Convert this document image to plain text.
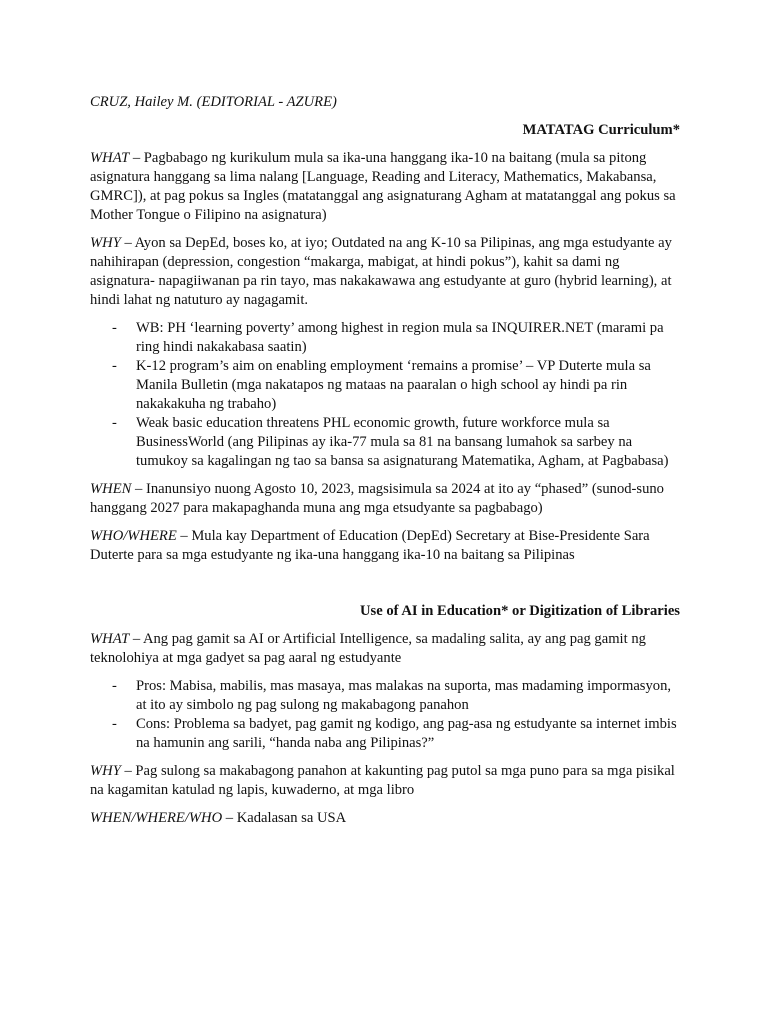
CRUZ, Hailey M. (EDITORIAL - AZURE)

MATATAG Curriculum*

WHAT – Pagbabago ng kurikulum mula sa ika-una hanggang ika-10 na baitang (mula sa pitong asignatura hanggang sa lima nalang [Language, Reading and Literacy, Mathematics, Makabansa, GMRC]), at pag pokus sa Ingles (matatanggal ang asignaturang Agham at matatanggal ang pokus sa Mother Tongue o Filipino na asignatura)

WHY – Ayon sa DepEd, boses ko, at iyo; Outdated na ang K-10 sa Pilipinas, ang mga estudyante ay nahihirapan (depression, congestion “makarga, mabigat, at hindi pokus”), kahit sa dami ng asignatura- napagiiwanan pa rin tayo, mas nakakawawa ang estudyante at guro (hybrid learning), at hindi lahat ng natuturo ay nagagamit.

- WB: PH ‘learning poverty’ among highest in region mula sa INQUIRER.NET (marami pa ring hindi nakakabasa saatin)
- K-12 program’s aim on enabling employment ‘remains a promise’ – VP Duterte mula sa Manila Bulletin (mga nakatapos ng mataas na paaralan o high school ay hindi pa rin nakakakuha ng trabaho)
- Weak basic education threatens PHL economic growth, future workforce mula sa BusinessWorld (ang Pilipinas ay ika-77 mula sa 81 na bansang lumahok sa sarbey na tumukoy sa kagalingan ng tao sa bansa sa asignaturang Matematika, Agham, at Pagbabasa)

WHEN – Inanunsiyo nuong Agosto 10, 2023, magsisimula sa 2024 at ito ay “phased” (sunod-suno hanggang 2027 para makapaghanda muna ang mga etsudyante sa pagbabago)

WHO/WHERE – Mula kay Department of Education (DepEd) Secretary at Bise-Presidente Sara Duterte para sa mga estudyante ng ika-una hanggang ika-10 na baitang sa Pilipinas

Use of AI in Education* or Digitization of Libraries

WHAT – Ang pag gamit sa AI or Artificial Intelligence, sa madaling salita, ay ang pag gamit ng teknolohiya at mga gadyet sa pag aaral ng estudyante

- Pros: Mabisa, mabilis, mas masaya, mas malakas na suporta, mas madaming impormasyon, at ito ay simbolo ng pag sulong ng makabagong panahon
- Cons: Problema sa badyet, pag gamit ng kodigo, ang pag-asa ng estudyante sa internet imbis na hamunin ang sarili, “handa naba ang Pilipinas?”

WHY – Pag sulong sa makabagong panahon at kakunting pag putol sa mga puno para sa mga pisikal na kagamitan katulad ng lapis, kuwaderno, at mga libro

WHEN/WHERE/WHO – Kadalasan sa USA
